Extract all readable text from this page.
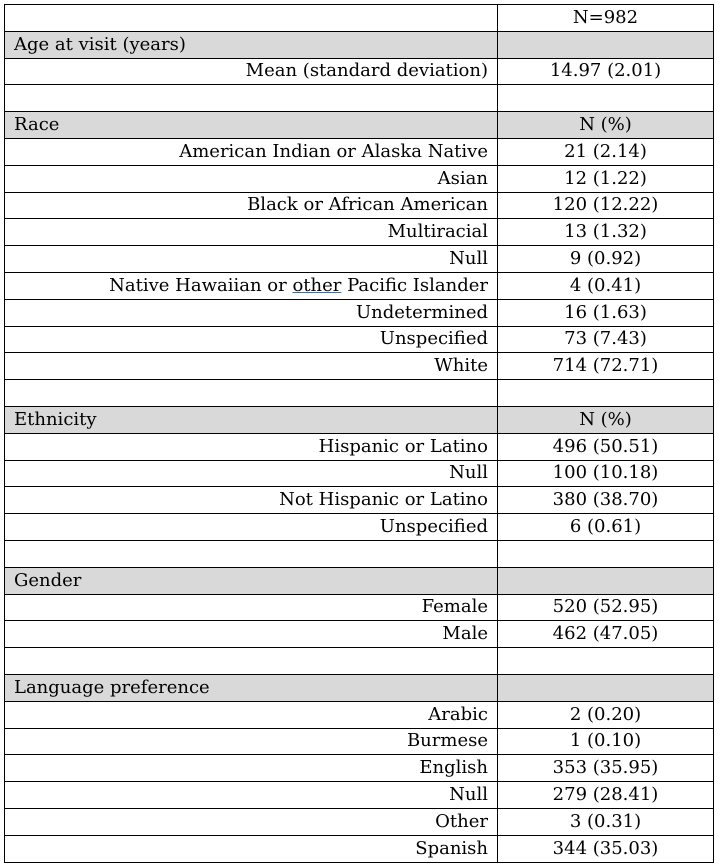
	N=982
Age at visit (years)	
Mean (standard deviation)	14.97 (2.01)

Race	N (%)
American Indian or Alaska Native	21 (2.14)
Asian	12 (1.22)
Black or African American	120 (12.22)
Multiracial	13 (1.32)
Null	9 (0.92)
Native Hawaiian or other Pacific Islander	4 (0.41)
Undetermined	16 (1.63)
Unspecified	73 (7.43)
White	714 (72.71)

Ethnicity	N (%)
Hispanic or Latino	496 (50.51)
Null	100 (10.18)
Not Hispanic or Latino	380 (38.70)
Unspecified	6 (0.61)

Gender	
Female	520 (52.95)
Male	462 (47.05)

Language preference	
Arabic	2 (0.20)
Burmese	1 (0.10)
English	353 (35.95)
Null	279 (28.41)
Other	3 (0.31)
Spanish	344 (35.03)
